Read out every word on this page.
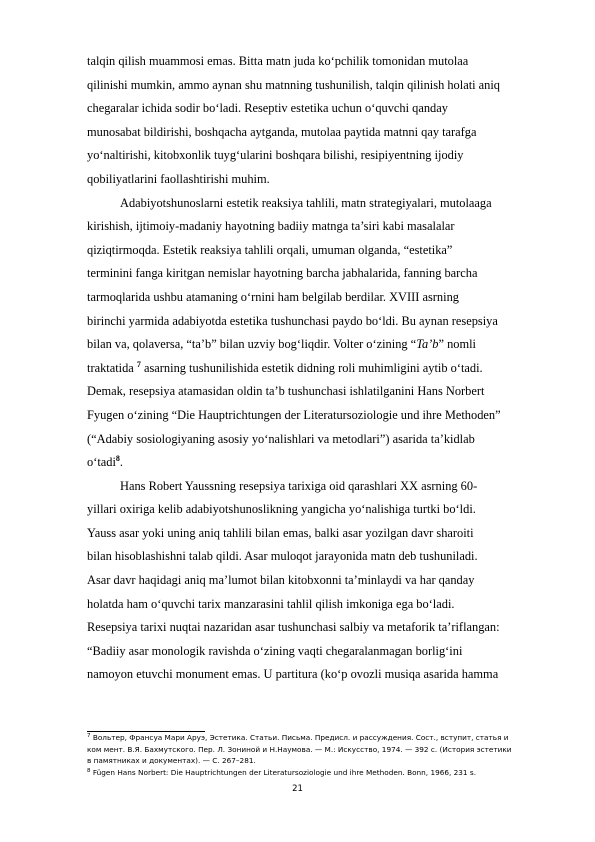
talqin qilish muammosi emas. Bitta matn juda ko‘pchilik tomonidan mutolaa
qilinishi mumkin, ammo aynan shu matnning tushunilish, talqin qilinish holati aniq
chegaralar ichida sodir bo‘ladi. Reseptiv estetika uchun o‘quvchi qanday
munosabat bildirishi, boshqacha aytganda, mutolaa paytida matnni qay tarafga
yo‘naltirishi, kitobxonlik tuyg‘ularini boshqara bilishi, resipiyentning ijodiy
qobiliyatlarini faollashtirishi muhim.
Adabiyotshunoslarni estetik reaksiya tahlili, matn strategiyalari, mutolaaga
kirishish, ijtimoiy-madaniy hayotning badiiy matnga ta’siri kabi masalalar
qiziqtirmoqda. Estetik reaksiya tahlili orqali, umuman olganda, “estetika”
terminini fanga kiritgan nemislar hayotning barcha jabhalarida, fanning barcha
tarmoqlarida ushbu atamaning o‘rnini ham belgilab berdilar. XVIII asrning
birinchi yarmida adabiyotda estetika tushunchasi paydo bo‘ldi. Bu aynan resepsiya
bilan va, qolaversa, “ta’b” bilan uzviy bog‘liqdir. Volter o‘zining “Ta’b” nomli
traktatida $^7$ asarning tushunilishida estetik didning roli muhimligini aytib o‘tadi.
Demak, resepsiya atamasidan oldin ta’b tushunchasi ishlatilganini Hans Norbert
Fyugen o‘zining “Die Hauptrichtungen der Literatursoziologie und ihre Methoden”
(“Adabiy sosiologiyaning asosiy yo‘nalishlari va metodlari”) asarida ta’kidlab
o‘tadi$^8$.
Hans Robert Yaussning resepsiya tarixiga oid qarashlari XX asrning 60-
yillari oxiriga kelib adabiyotshunoslikning yangicha yo‘nalishiga turtki bo‘ldi.
Yauss asar yoki uning aniq tahlili bilan emas, balki asar yozilgan davr sharoiti
bilan hisoblashishni talab qildi. Asar muloqot jarayonida matn deb tushuniladi.
Asar davr haqidagi aniq ma’lumot bilan kitobxonni ta’minlaydi va har qanday
holatda ham o‘quvchi tarix manzarasini tahlil qilish imkoniga ega bo‘ladi.
Resepsiya tarixi nuqtai nazaridan asar tushunchasi salbiy va metaforik ta’riflangan:
“Badiiy asar monologik ravishda o‘zining vaqti chegaralanmagan borlig‘ini
namoyon etuvchi monument emas. U partitura (ko‘p ovozli musiqa asarida hamma
$^7$ Вольтер, Франсуа Мари Аруэ, Эстетика. Статьи. Письма. Предисл. и рассуждения. Сост., вступит, статья и
ком мент. В.Я. Бахмутского. Пер. Л. Зониной и Н.Наумова. — М.: Искусство, 1974. — 392 с. (История эстетики
в памятниках и документах). — С. 267–281.
$^8$ Fügen Hans Norbert: Die Hauptrichtungen der Literatursoziologie und ihre Methoden. Bonn, 1966, 231 s.
21
